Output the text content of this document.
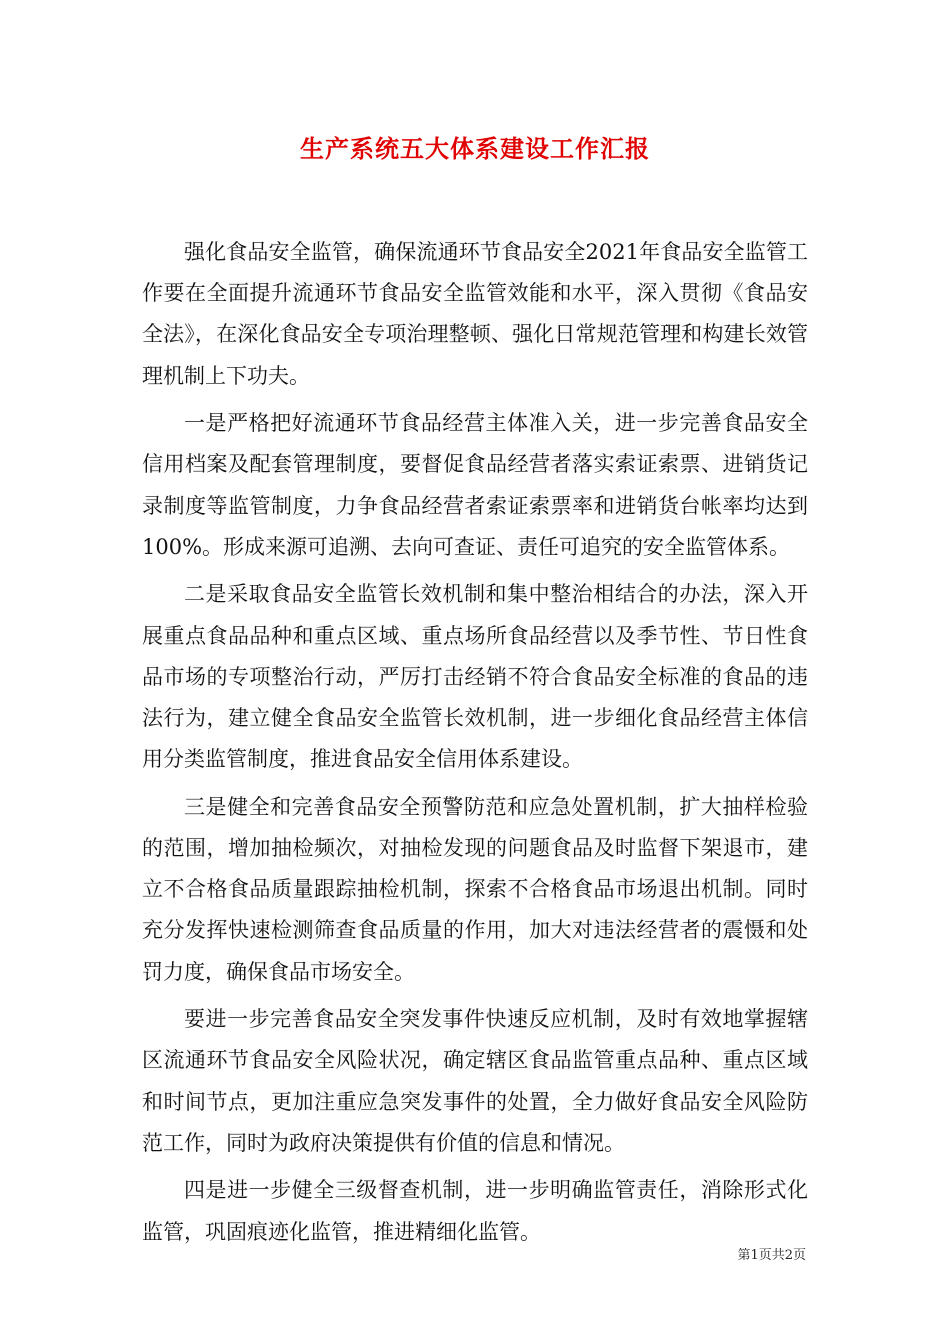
生产系统五大体系建设工作汇报

强化食品安全监管，确保流通环节食品安全2021年食品安全监管工作要在全面提升流通环节食品安全监管效能和水平，深入贯彻《食品安全法》，在深化食品安全专项治理整顿、强化日常规范管理和构建长效管理机制上下功夫。

一是严格把好流通环节食品经营主体准入关，进一步完善食品安全信用档案及配套管理制度，要督促食品经营者落实索证索票、进销货记录制度等监管制度，力争食品经营者索证索票率和进销货台帐率均达到100%。形成来源可追溯、去向可查证、责任可追究的安全监管体系。

二是采取食品安全监管长效机制和集中整治相结合的办法，深入开展重点食品品种和重点区域、重点场所食品经营以及季节性、节日性食品市场的专项整治行动，严厉打击经销不符合食品安全标准的食品的违法行为，建立健全食品安全监管长效机制，进一步细化食品经营主体信用分类监管制度，推进食品安全信用体系建设。

三是健全和完善食品安全预警防范和应急处置机制，扩大抽样检验的范围，增加抽检频次，对抽检发现的问题食品及时监督下架退市，建立不合格食品质量跟踪抽检机制，探索不合格食品市场退出机制。同时充分发挥快速检测筛查食品质量的作用，加大对违法经营者的震慑和处罚力度，确保食品市场安全。

要进一步完善食品安全突发事件快速反应机制，及时有效地掌握辖区流通环节食品安全风险状况，确定辖区食品监管重点品种、重点区域和时间节点，更加注重应急突发事件的处置，全力做好食品安全风险防范工作，同时为政府决策提供有价值的信息和情况。

四是进一步健全三级督查机制，进一步明确监管责任，消除形式化监管，巩固痕迹化监管，推进精细化监管。

第1页共2页
